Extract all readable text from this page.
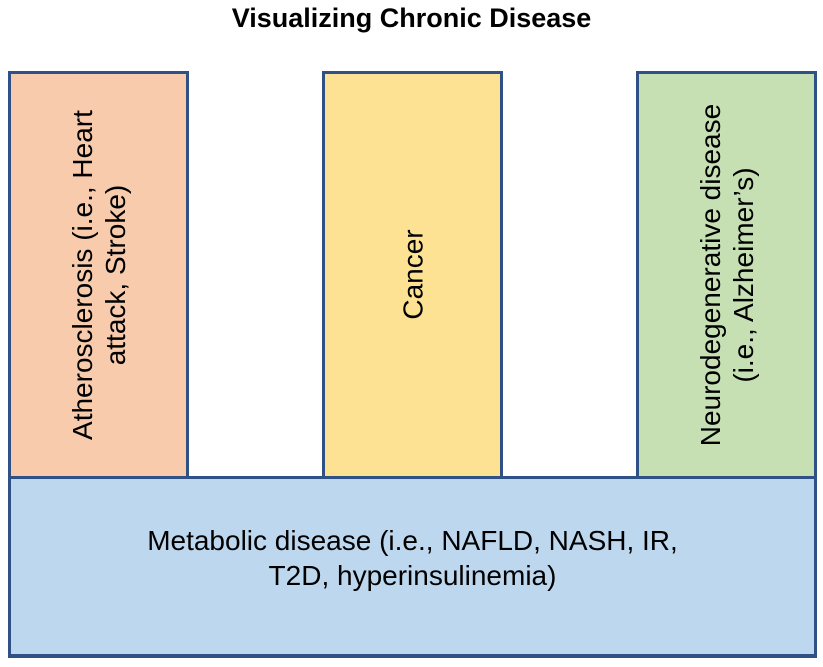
Visualizing Chronic Disease
Atherosclerosis (i.e., Heart attack, Stroke)	Cancer	Neurodegenerative disease (i.e., Alzheimer’s)
Metabolic disease (i.e., NAFLD, NASH, IR,
T2D, hyperinsulinemia)
